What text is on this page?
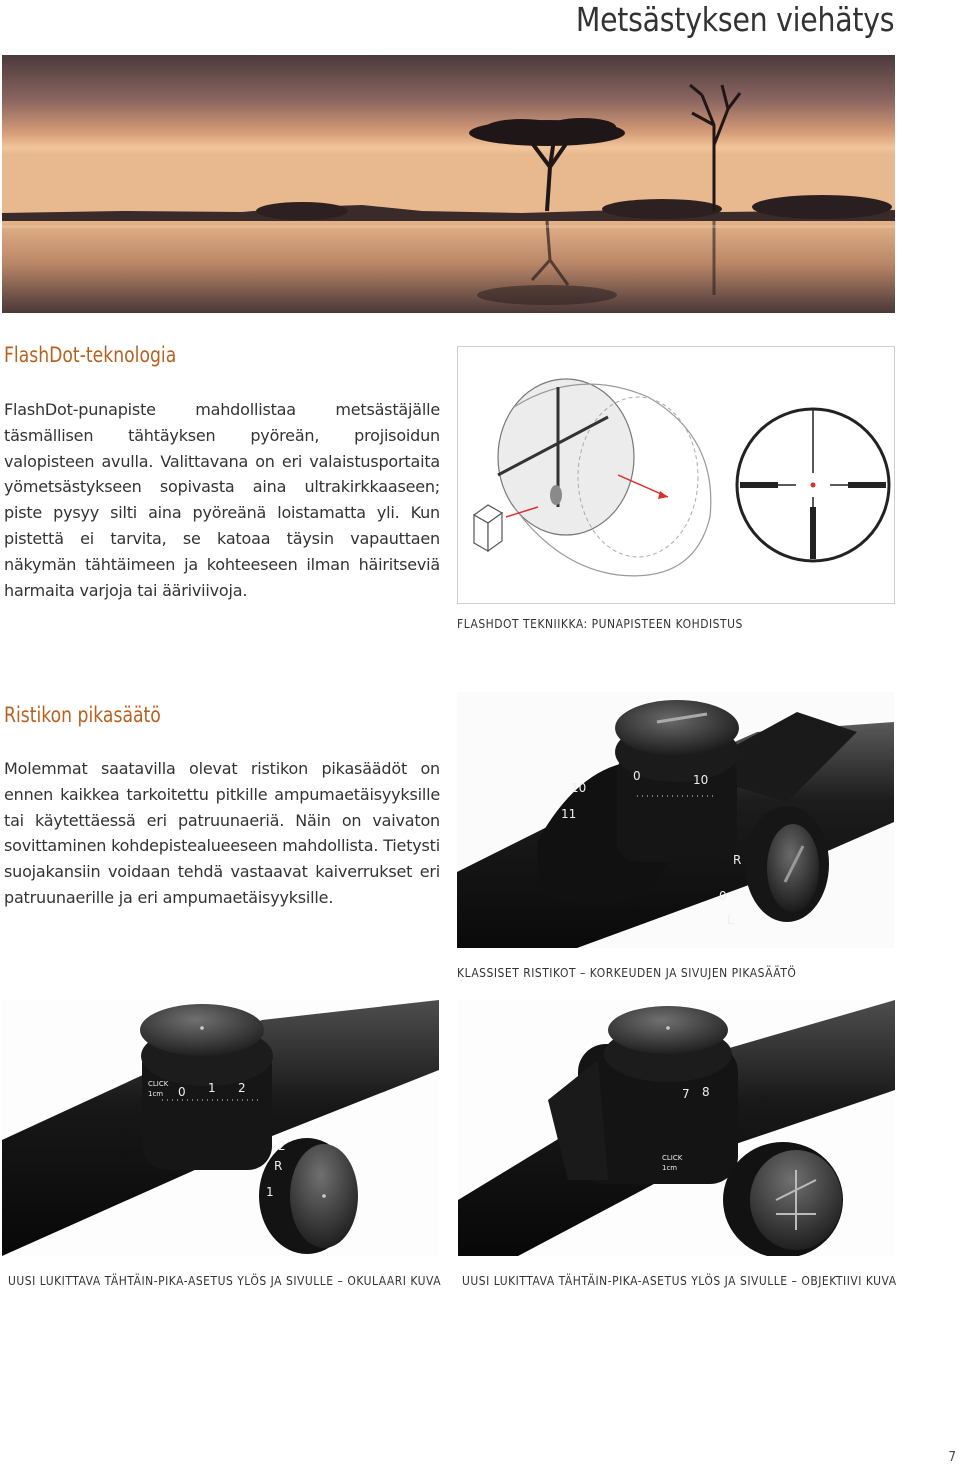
Metsästyksen viehätys
FlashDot-teknologia

FlashDot-punapiste mahdollistaa metsästäjälle täsmällisen tähtäyksen pyöreän, projisoidun valopisteen avulla. Valittavana on eri valaistusportaita yömetsästykseen sopivasta aina ultrakirkkaaseen; piste pysyy silti aina pyöreänä loistamatta yli. Kun pistettä ei tarvita, se katoaa täysin vapauttaen näkymän tähtäimeen ja kohteeseen ilman häiritseviä harmaita varjoja tai ääriviivoja.

FLASHDOT TEKNIIKKA: PUNAPISTEEN KOHDISTUS
Ristikon pikasäätö

Molemmat saatavilla olevat ristikon pikasäädöt on ennen kaikkea tarkoitettu pitkille ampumaetäisyyksille tai käytettäessä eri patruunaeriä. Näin on vaivaton sovittaminen kohdepistealueeseen mahdollista. Tietysti suojakansiin voidaan tehdä vastaavat kaiverrukset eri patruunaerille ja eri ampumaetäisyyksille.

10
11
0	10
R
0
L
KLASSISET RISTIKOT – KORKEUDEN JA SIVUJEN PIKASÄÄTÖ
CLICK
1cm 0 1 2
R
1
2
7 8
CLICK
1cm
UUSI LUKITTAVA TÄHTÄIN-PIKA-ASETUS YLÖS JA SIVULLE – OKULAARI KUVA UUSI LUKITTAVA TÄHTÄIN-PIKA-ASETUS YLÖS JA SIVULLE – OBJEKTIIVI KUVA
7
